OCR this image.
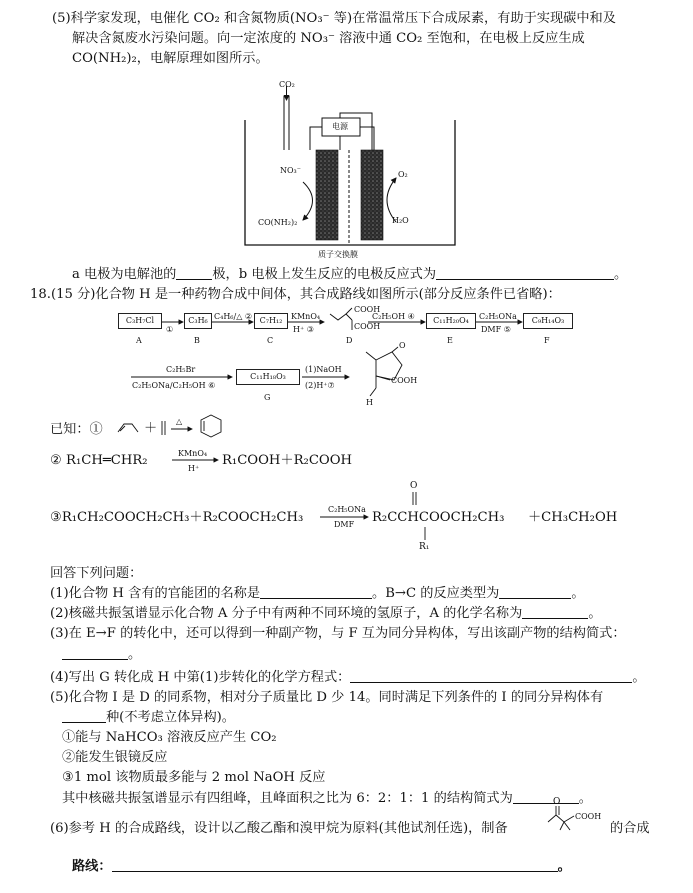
(5)科学家发现，电催化 CO₂ 和含氮物质(NO₃⁻ 等)在常温常压下合成尿素，有助于实现碳中和及
解决含氮废水污染问题。向一定浓度的 NO₃⁻ 溶液中通 CO₂ 至饱和，在电极上反应生成
CO(NH₂)₂，电解原理如图所示。
CO₂
电源
NO₃⁻
CO(NH₂)₂
O₂
H₂O
质子交换膜
a 电极为电解池的	极，b 电极上发生反应的电极反应式为	。
18.(15 分)化合物 H 是一种药物合成中间体，其合成路线如图所示(部分反应条件已省略)：
C₃H₇Cl	C₃H₆	C₇H₁₂	C₁₁H₂₀O₄	C₉H₁₄O₃
①
C₄H₆/△ ②	KMnO₄
H⁺ ③
C₂H₅OH ④	C₂H₅ONa
DMF ⑤
COOH
COOH
A	B	C	D	E	F
C₂H₅Br
C₂H₅ONa/C₂H₅OH ⑥
C₁₁H₁₈O₃
G
(1)NaOH
(2)H⁺⑦
O
COOH
H
已知：①	＋ △
② R₁CH═CHR₂	KMnO₄
H⁺
R₁COOH＋R₂COOH
③R₁CH₂COOCH₂CH₃＋R₂COOCH₂CH₃
C₂H₅ONa
DMF R₂CCHCOOCH₂CH₃ ＋CH₃CH₂OH
O
R₁
回答下列问题：
(1)化合物 H 含有的官能团的名称是	。B→C 的反应类型为	。
(2)核磁共振氢谱显示化合物 A 分子中有两种不同环境的氢原子，A 的化学名称为	。
(3)在 E→F 的转化中，还可以得到一种副产物，与 F 互为同分异构体，写出该副产物的结构简式：
。
(4)写出 G 转化成 H 中第(1)步转化的化学方程式：	。
(5)化合物 I 是 D 的同系物，相对分子质量比 D 少 14。同时满足下列条件的 I 的同分异构体有
种(不考虑立体异构)。
①能与 NaHCO₃ 溶液反应产生 CO₂
②能发生银镜反应
③1 mol 该物质最多能与 2 mol NaOH 反应
其中核磁共振氢谱显示有四组峰，且峰面积之比为 6：2：1：1 的结构简式为	。
(6)参考 H 的合成路线，设计以乙酸乙酯和溴甲烷为原料(其他试剂任选)，制备
O
COOH
的合成
路线：	。
